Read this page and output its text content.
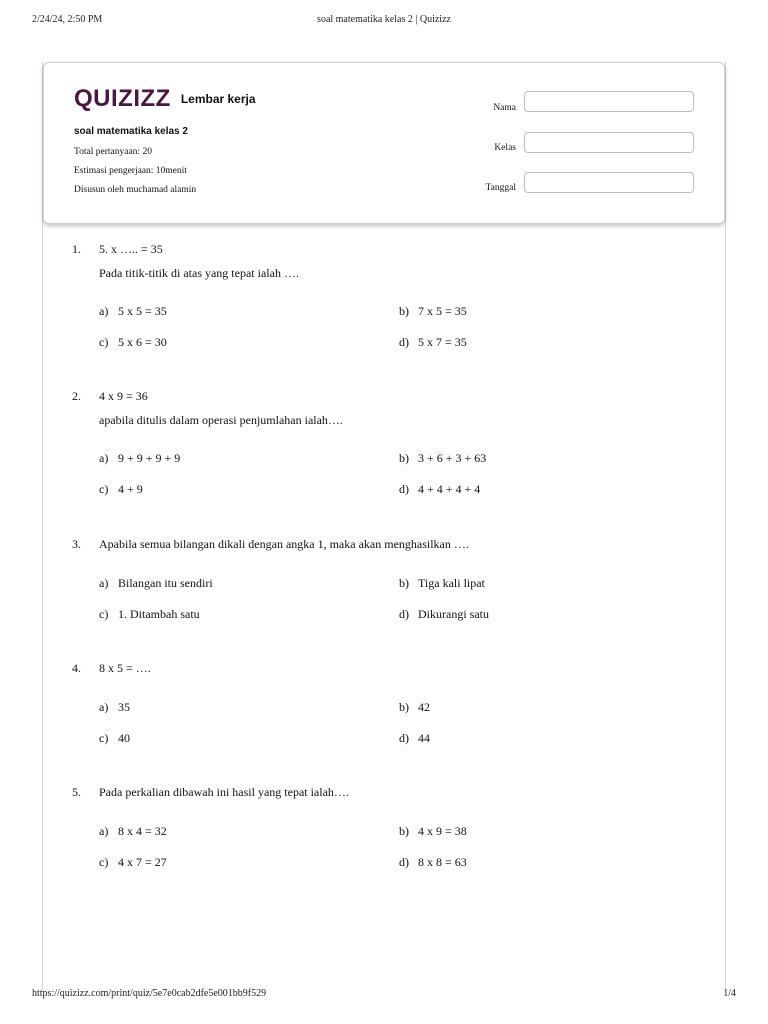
2/24/24, 2:50 PM	soal matematika kelas 2 | Quizizz
QUIZIZZ Lembar kerja
soal matematika kelas 2
Total pertanyaan: 20
Estimasi pengerjaan: 10menit
Disusun oleh muchamad alamin
Nama
Kelas
Tanggal
1. 5. x ….. = 35
Pada titik-titik di atas yang tepat ialah ….
a) 5 x 5 = 35	b) 7 x 5 = 35
c) 5 x 6 = 30	d) 5 x 7 = 35
2. 4 x 9 = 36
apabila ditulis dalam operasi penjumlahan ialah….
a) 9 + 9 + 9 + 9	b) 3 + 6 + 3 + 63
c) 4 + 9	d) 4 + 4 + 4 + 4
3. Apabila semua bilangan dikali dengan angka 1, maka akan menghasilkan ….
a) Bilangan itu sendiri	b) Tiga kali lipat
c) 1. Ditambah satu	d) Dikurangi satu
4. 8 x 5 = ….
a) 35	b) 42
c) 40	d) 44
5. Pada perkalian dibawah ini hasil yang tepat ialah….
a) 8 x 4 = 32	b) 4 x 9 = 38
c) 4 x 7 = 27	d) 8 x 8 = 63
https://quizizz.com/print/quiz/5e7e0cab2dfe5e001bb9f529	1/4
